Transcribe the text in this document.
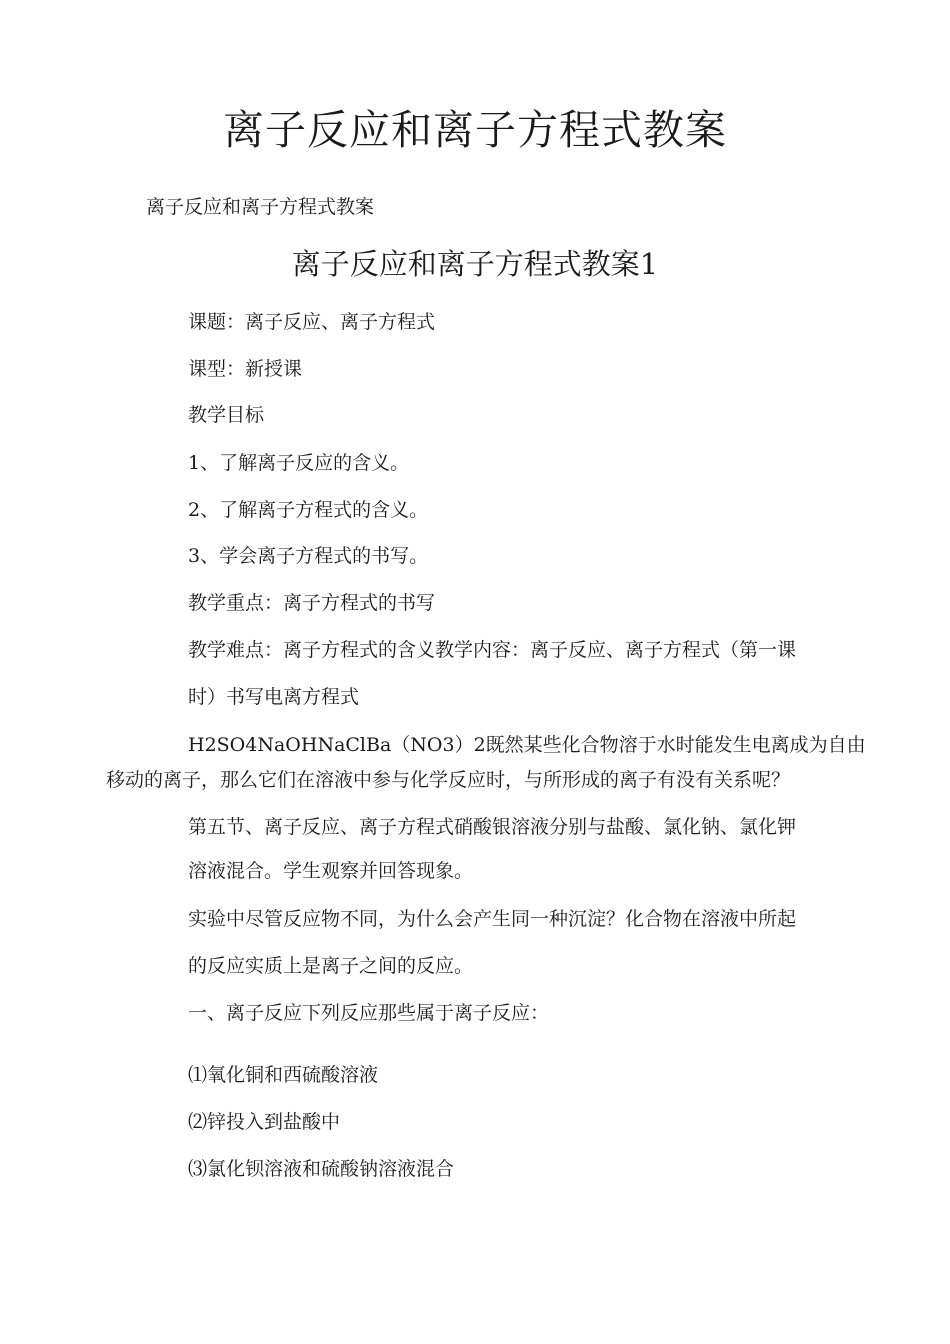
离子反应和离子方程式教案

离子反应和离子方程式教案

离子反应和离子方程式教案1

课题：离子反应、离子方程式

课型：新授课

教学目标

1、了解离子反应的含义。

2、了解离子方程式的含义。

3、学会离子方程式的书写。

教学重点：离子方程式的书写

教学难点：离子方程式的含义教学内容：离子反应、离子方程式（第一课

时）书写电离方程式

H2SO4NaOHNaClBa（NO3）2既然某些化合物溶于水时能发生电离成为自由

移动的离子，那么它们在溶液中参与化学反应时，与所形成的离子有没有关系呢？

第五节、离子反应、离子方程式硝酸银溶液分别与盐酸、氯化钠、氯化钾

溶液混合。学生观察并回答现象。

实验中尽管反应物不同，为什么会产生同一种沉淀？化合物在溶液中所起

的反应实质上是离子之间的反应。

一、离子反应下列反应那些属于离子反应：

⑴氧化铜和西硫酸溶液

⑵锌投入到盐酸中

⑶氯化钡溶液和硫酸钠溶液混合
